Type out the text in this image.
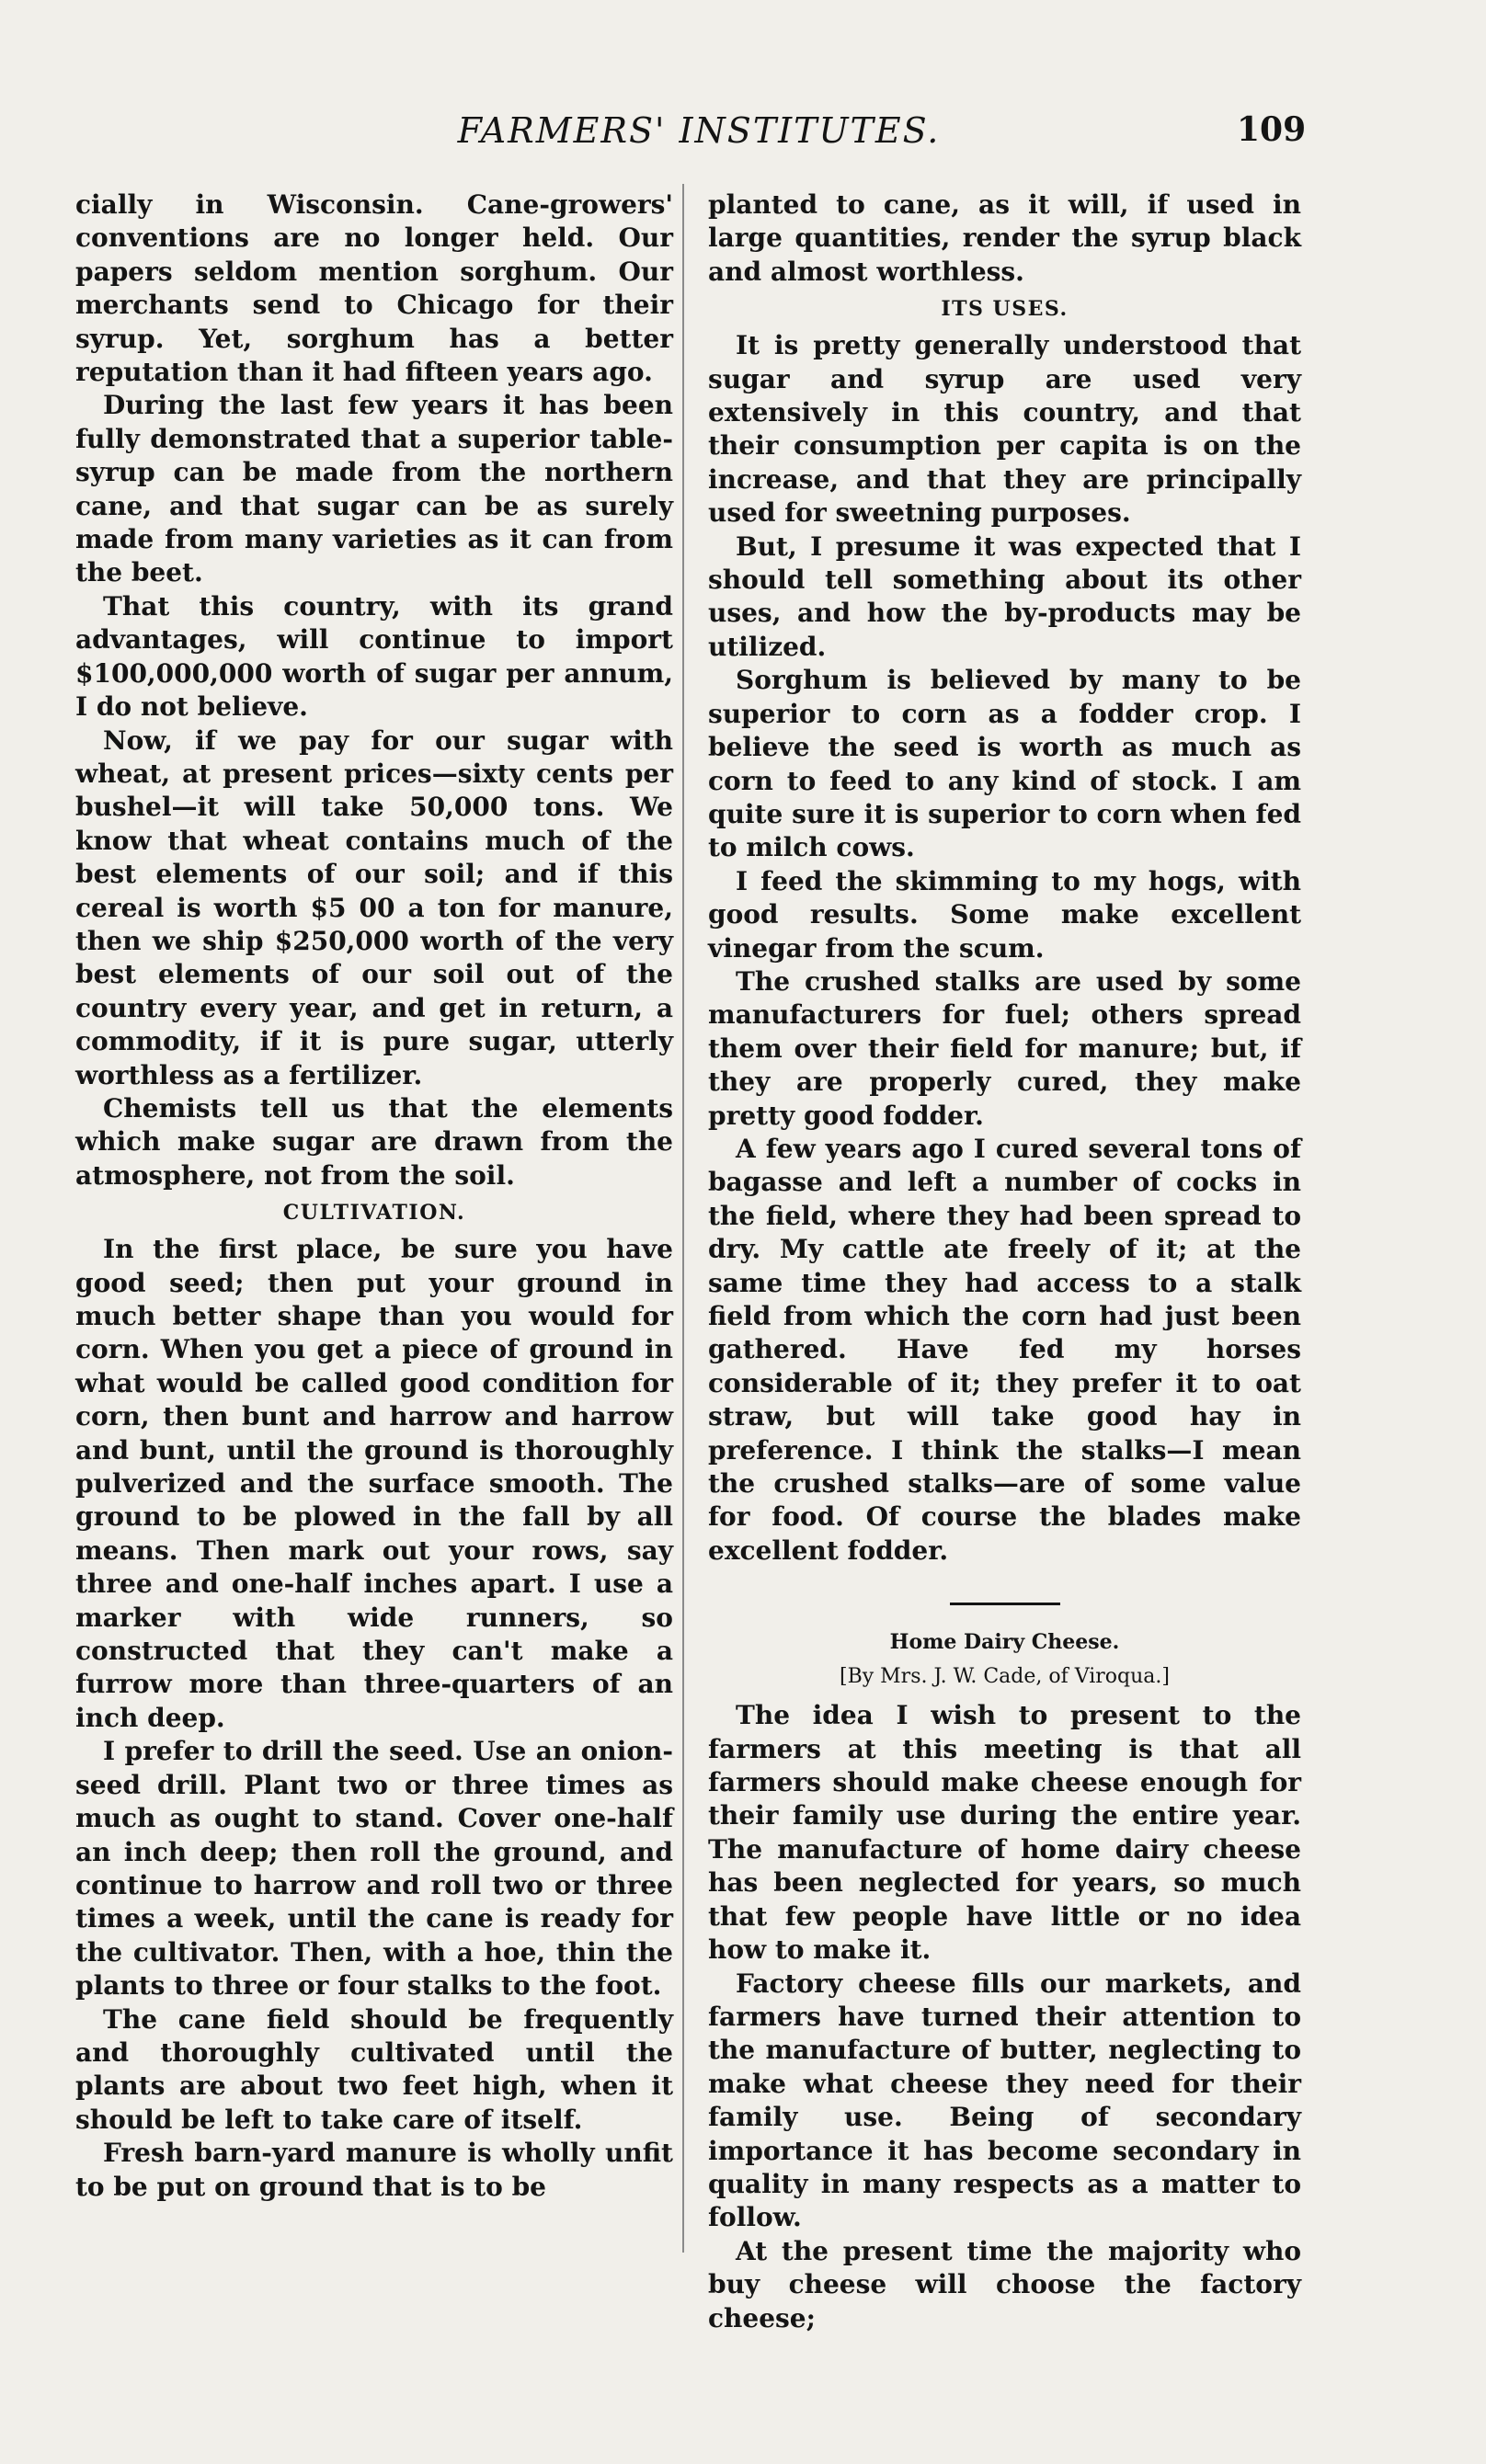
FARMERS' INSTITUTES.	109

cially in Wisconsin. Cane-growers' conventions are no longer held. Our papers seldom mention sorghum. Our merchants send to Chicago for their syrup. Yet, sorghum has a better reputation than it had fifteen years ago.

During the last few years it has been fully demonstrated that a superior table-syrup can be made from the northern cane, and that sugar can be as surely made from many varieties as it can from the beet.

That this country, with its grand advantages, will continue to import $100,000,000 worth of sugar per annum, I do not believe.

Now, if we pay for our sugar with wheat, at present prices—sixty cents per bushel—it will take 50,000 tons. We know that wheat contains much of the best elements of our soil; and if this cereal is worth $5 00 a ton for manure, then we ship $250,000 worth of the very best elements of our soil out of the country every year, and get in return, a commodity, if it is pure sugar, utterly worthless as a fertilizer.

Chemists tell us that the elements which make sugar are drawn from the atmosphere, not from the soil.

CULTIVATION.

In the first place, be sure you have good seed; then put your ground in much better shape than you would for corn. When you get a piece of ground in what would be called good condition for corn, then bunt and harrow and harrow and bunt, until the ground is thoroughly pulverized and the surface smooth. The ground to be plowed in the fall by all means. Then mark out your rows, say three and one-half inches apart. I use a marker with wide runners, so constructed that they can't make a furrow more than three-quarters of an inch deep.

I prefer to drill the seed. Use an onion-seed drill. Plant two or three times as much as ought to stand. Cover one-half an inch deep; then roll the ground, and continue to harrow and roll two or three times a week, until the cane is ready for the cultivator. Then, with a hoe, thin the plants to three or four stalks to the foot.

The cane field should be frequently and thoroughly cultivated until the plants are about two feet high, when it should be left to take care of itself.

Fresh barn-yard manure is wholly unfit to be put on ground that is to be

planted to cane, as it will, if used in large quantities, render the syrup black and almost worthless.

ITS USES.

It is pretty generally understood that sugar and syrup are used very extensively in this country, and that their consumption per capita is on the increase, and that they are principally used for sweetning purposes.

But, I presume it was expected that I should tell something about its other uses, and how the by-products may be utilized.

Sorghum is believed by many to be superior to corn as a fodder crop. I believe the seed is worth as much as corn to feed to any kind of stock. I am quite sure it is superior to corn when fed to milch cows.

I feed the skimming to my hogs, with good results. Some make excellent vinegar from the scum.

The crushed stalks are used by some manufacturers for fuel; others spread them over their field for manure; but, if they are properly cured, they make pretty good fodder.

A few years ago I cured several tons of bagasse and left a number of cocks in the field, where they had been spread to dry. My cattle ate freely of it; at the same time they had access to a stalk field from which the corn had just been gathered. Have fed my horses considerable of it; they prefer it to oat straw, but will take good hay in preference. I think the stalks—I mean the crushed stalks—are of some value for food. Of course the blades make excellent fodder.

Home Dairy Cheese.
[By Mrs. J. W. Cade, of Viroqua.]

The idea I wish to present to the farmers at this meeting is that all farmers should make cheese enough for their family use during the entire year. The manufacture of home dairy cheese has been neglected for years, so much that few people have little or no idea how to make it.

Factory cheese fills our markets, and farmers have turned their attention to the manufacture of butter, neglecting to make what cheese they need for their family use. Being of secondary importance it has become secondary in quality in many respects as a matter to follow.

At the present time the majority who buy cheese will choose the factory cheese;
